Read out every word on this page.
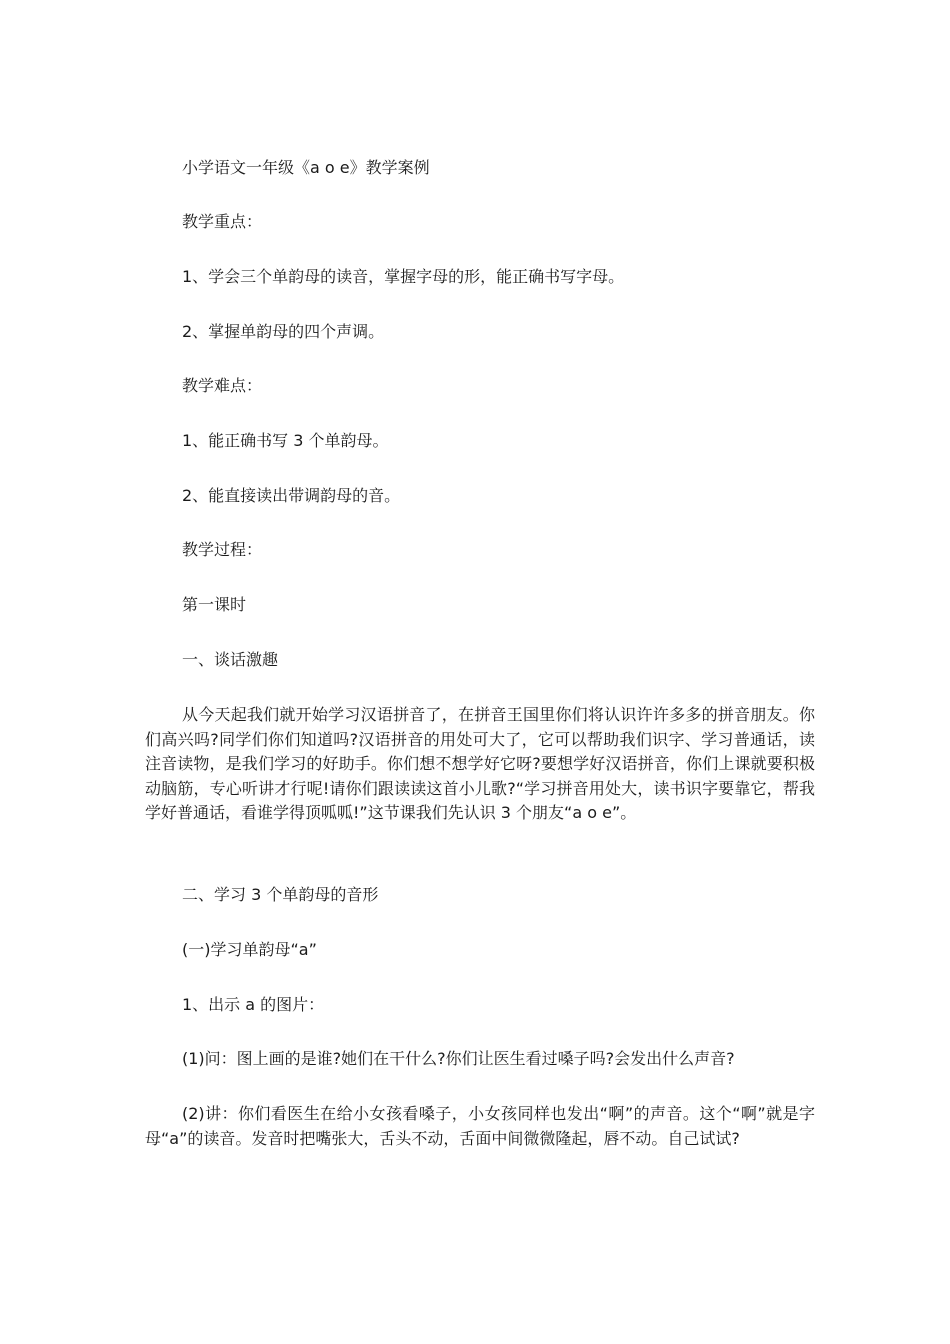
小学语文一年级《a o e》教学案例
教学重点：
1、学会三个单韵母的读音，掌握字母的形，能正确书写字母。
2、掌握单韵母的四个声调。
教学难点：
1、能正确书写 3 个单韵母。
2、能直接读出带调韵母的音。
教学过程：
第一课时
一、谈话激趣
从今天起我们就开始学习汉语拼音了，在拼音王国里你们将认识许许多多的拼音朋友。你们高兴吗?同学们你们知道吗?汉语拼音的用处可大了，它可以帮助我们识字、学习普通话，读注音读物，是我们学习的好助手。你们想不想学好它呀?要想学好汉语拼音，你们上课就要积极动脑筋，专心听讲才行呢!请你们跟读读这首小儿歌?“学习拼音用处大，读书识字要靠它，帮我学好普通话，看谁学得顶呱呱!”这节课我们先认识 3 个朋友“a o e”。
二、学习 3 个单韵母的音形
(一)学习单韵母“a”
1、出示 a 的图片：
(1)问：图上画的是谁?她们在干什么?你们让医生看过嗓子吗?会发出什么声音?
(2)讲：你们看医生在给小女孩看嗓子，小女孩同样也发出“啊”的声音。这个“啊”就是字母“a”的读音。发音时把嘴张大，舌头不动，舌面中间微微隆起，唇不动。自己试试?
